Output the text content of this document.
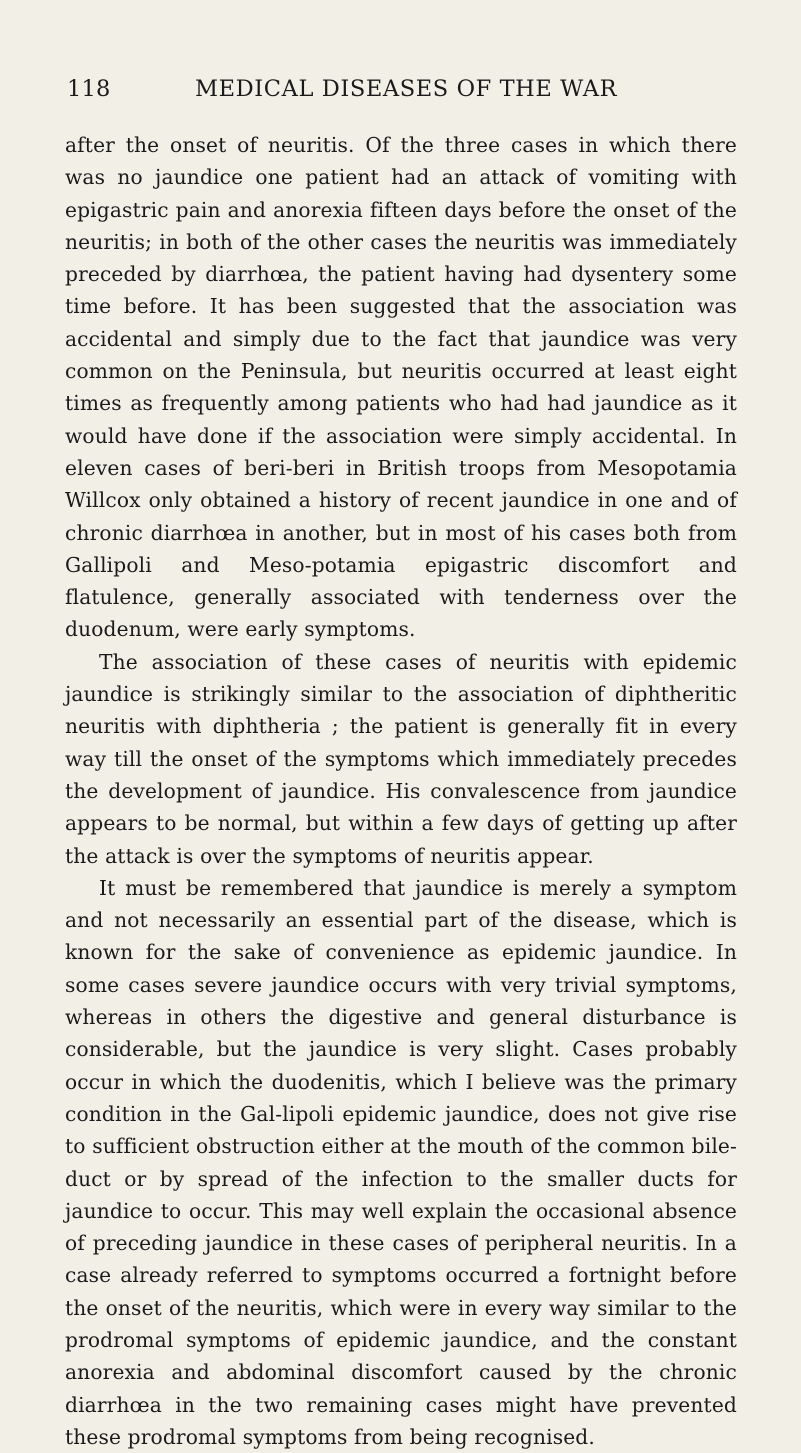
118	MEDICAL DISEASES OF THE WAR

after the onset of neuritis. Of the three cases in which there was no jaundice one patient had an attack of vomiting with epigastric pain and anorexia fifteen days before the onset of the neuritis; in both of the other cases the neuritis was immediately preceded by diarrhœa, the patient having had dysentery some time before. It has been suggested that the association was accidental and simply due to the fact that jaundice was very common on the Peninsula, but neuritis occurred at least eight times as frequently among patients who had had jaundice as it would have done if the association were simply accidental. In eleven cases of beri-beri in British troops from Mesopotamia Willcox only obtained a history of recent jaundice in one and of chronic diarrhœa in another, but in most of his cases both from Gallipoli and Meso-potamia epigastric discomfort and flatulence, generally associated with tenderness over the duodenum, were early symptoms.

The association of these cases of neuritis with epidemic jaundice is strikingly similar to the association of diphtheritic neuritis with diphtheria ; the patient is generally fit in every way till the onset of the symptoms which immediately precedes the development of jaundice. His convalescence from jaundice appears to be normal, but within a few days of getting up after the attack is over the symptoms of neuritis appear.

It must be remembered that jaundice is merely a symptom and not necessarily an essential part of the disease, which is known for the sake of convenience as epidemic jaundice. In some cases severe jaundice occurs with very trivial symptoms, whereas in others the digestive and general disturbance is considerable, but the jaundice is very slight. Cases probably occur in which the duodenitis, which I believe was the primary condition in the Gal-lipoli epidemic jaundice, does not give rise to sufficient obstruction either at the mouth of the common bile-duct or by spread of the infection to the smaller ducts for jaundice to occur. This may well explain the occasional absence of preceding jaundice in these cases of peripheral neuritis. In a case already referred to symptoms occurred a fortnight before the onset of the neuritis, which were in every way similar to the prodromal symptoms of epidemic jaundice, and the constant anorexia and abdominal discomfort caused by the chronic diarrhœa in the two remaining cases might have prevented these prodromal symptoms from being recognised.
